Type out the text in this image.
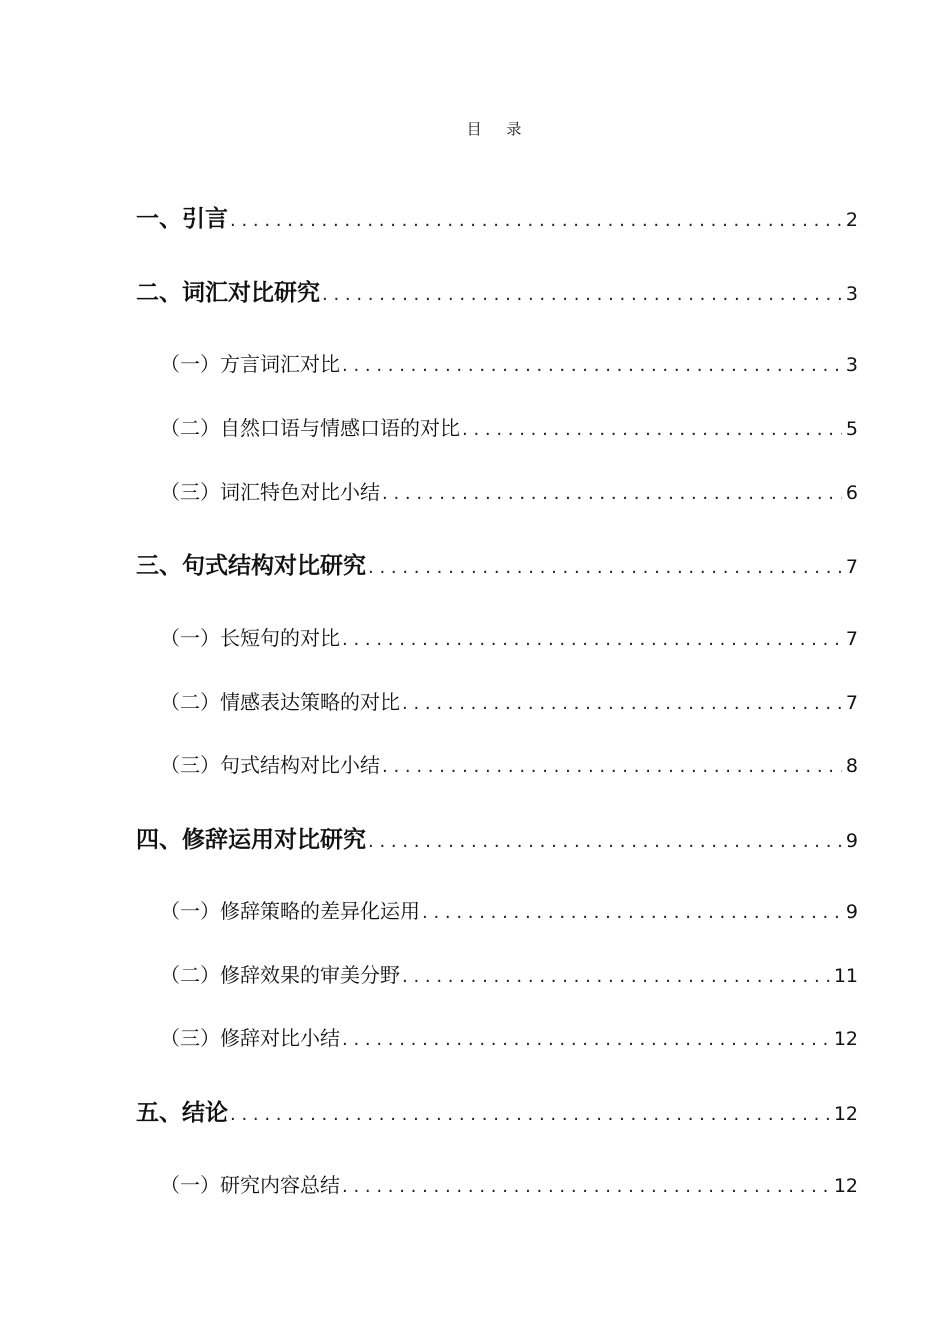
目 录
一、引言 . . .	2
二、词汇对比研究 . . .	3
（一）方言词汇对比 . . .	3
（二）自然口语与情感口语的对比 . . .	5
（三）词汇特色对比小结 . . .	6
三、句式结构对比研究 . . .	7
（一）长短句的对比 . . .	7
（二）情感表达策略的对比 . . .	7
（三）句式结构对比小结 . . .	8
四、修辞运用对比研究 . . .	9
（一）修辞策略的差异化运用 . . .	9
（二）修辞效果的审美分野 . . .	11
（三）修辞对比小结 . . .	12
五、结论 . . .	12
（一）研究内容总结 . . .	12
